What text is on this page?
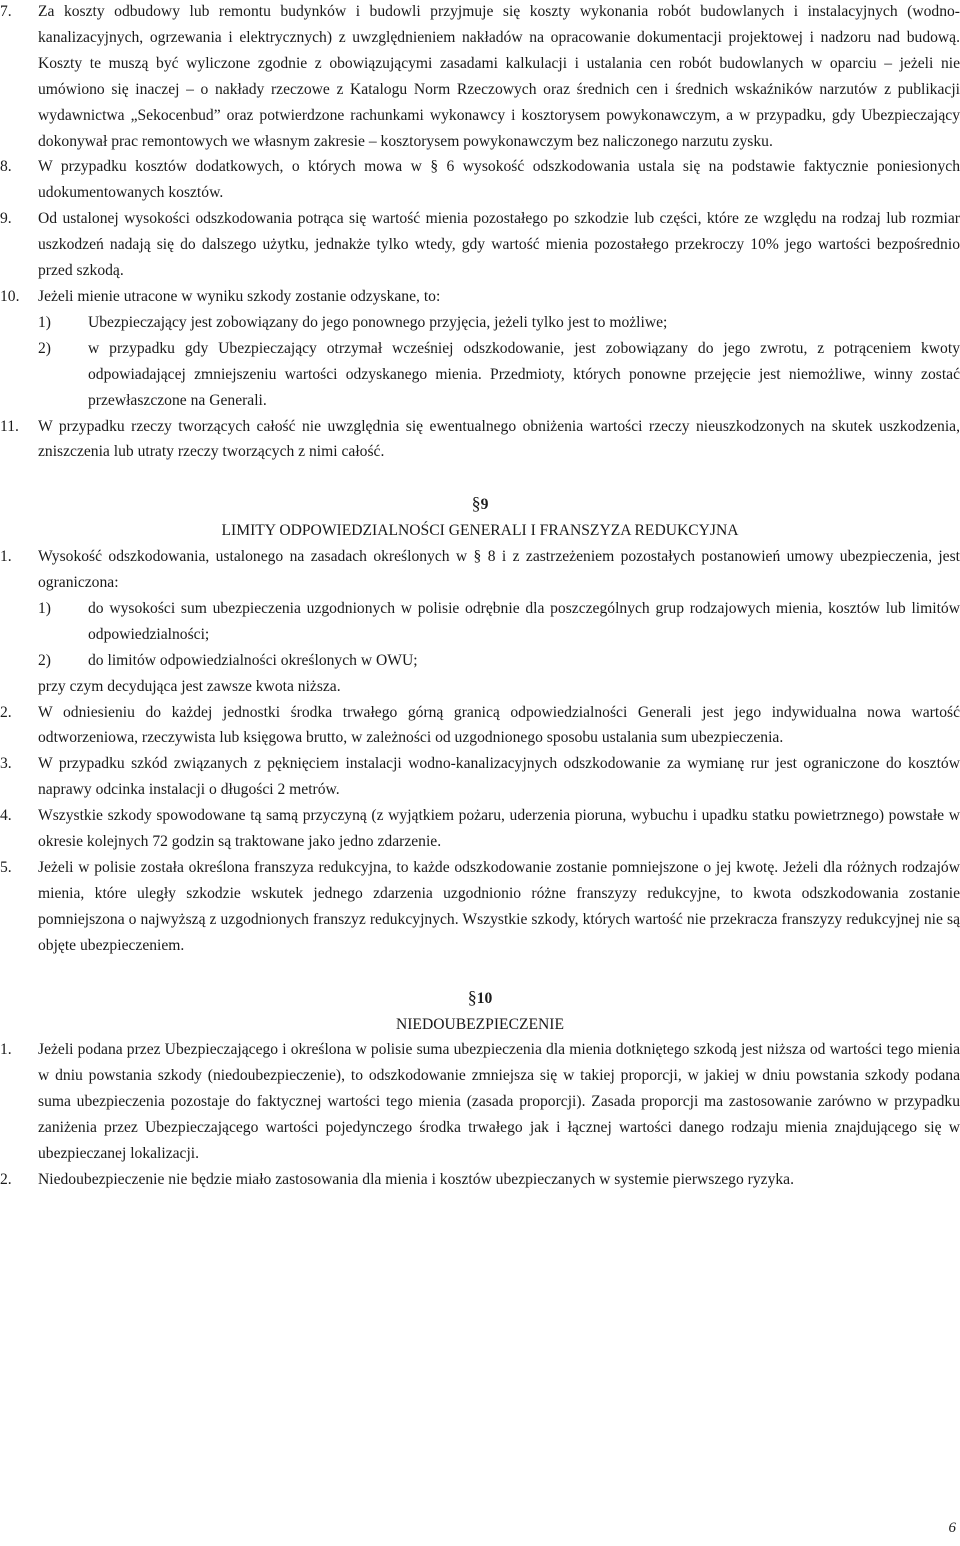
7. Za koszty odbudowy lub remontu budynków i budowli przyjmuje się koszty wykonania robót budowlanych i instalacyjnych (wodno-kanalizacyjnych, ogrzewania i elektrycznych) z uwzględnieniem nakładów na opracowanie dokumentacji projektowej i nadzoru nad budową. Koszty te muszą być wyliczone zgodnie z obowiązującymi zasadami kalkulacji i ustalania cen robót budowlanych w oparciu – jeżeli nie umówiono się inaczej – o nakłady rzeczowe z Katalogu Norm Rzeczowych oraz średnich cen i średnich wskaźników narzutów z publikacji wydawnictwa „Sekocenbud” oraz potwierdzone rachunkami wykonawcy i kosztorysem powykonawczym, a w przypadku, gdy Ubezpieczający dokonywał prac remontowych we własnym zakresie – kosztorysem powykonawczym bez naliczonego narzutu zysku.
8. W przypadku kosztów dodatkowych, o których mowa w § 6 wysokość odszkodowania ustala się na podstawie faktycznie poniesionych udokumentowanych kosztów.
9. Od ustalonej wysokości odszkodowania potrąca się wartość mienia pozostałego po szkodzie lub części, które ze względu na rodzaj lub rozmiar uszkodzeń nadają się do dalszego użytku, jednakże tylko wtedy, gdy wartość mienia pozostałego przekroczy 10% jego wartości bezpośrednio przed szkodą.
10. Jeżeli mienie utracone w wyniku szkody zostanie odzyskane, to:
1) Ubezpieczający jest zobowiązany do jego ponownego przyjęcia, jeżeli tylko jest to możliwe;
2) w przypadku gdy Ubezpieczający otrzymał wcześniej odszkodowanie, jest zobowiązany do jego zwrotu, z potrąceniem kwoty odpowiadającej zmniejszeniu wartości odzyskanego mienia. Przedmioty, których ponowne przejęcie jest niemożliwe, winny zostać przewłaszczone na Generali.
11. W przypadku rzeczy tworzących całość nie uwzględnia się ewentualnego obniżenia wartości rzeczy nieuszkodzonych na skutek uszkodzenia, zniszczenia lub utraty rzeczy tworzących z nimi całość.
§9
LIMITY ODPOWIEDZIALNOŚCI GENERALI I FRANSZYZA REDUKCYJNA
1. Wysokość odszkodowania, ustalonego na zasadach określonych w § 8 i z zastrzeżeniem pozostałych postanowień umowy ubezpieczenia, jest ograniczona:
1) do wysokości sum ubezpieczenia uzgodnionych w polisie odrębnie dla poszczególnych grup rodzajowych mienia, kosztów lub limitów odpowiedzialności;
2) do limitów odpowiedzialności określonych w OWU;
przy czym decydująca jest zawsze kwota niższa.
2. W odniesieniu do każdej jednostki środka trwałego górną granicą odpowiedzialności Generali jest jego indywidualna nowa wartość odtworzeniowa, rzeczywista lub księgowa brutto, w zależności od uzgodnionego sposobu ustalania sum ubezpieczenia.
3. W przypadku szkód związanych z pęknięciem instalacji wodno-kanalizacyjnych odszkodowanie za wymianę rur jest ograniczone do kosztów naprawy odcinka instalacji o długości 2 metrów.
4. Wszystkie szkody spowodowane tą samą przyczyną (z wyjątkiem pożaru, uderzenia pioruna, wybuchu i upadku statku powietrznego) powstałe w okresie kolejnych 72 godzin są traktowane jako jedno zdarzenie.
5. Jeżeli w polisie została określona franszyza redukcyjna, to każde odszkodowanie zostanie pomniejszone o jej kwotę. Jeżeli dla różnych rodzajów mienia, które uległy szkodzie wskutek jednego zdarzenia uzgodnionio różne franszyzy redukcyjne, to kwota odszkodowania zostanie pomniejszona o najwyższą z uzgodnionych franszyz redukcyjnych. Wszystkie szkody, których wartość nie przekracza franszyzy redukcyjnej nie są objęte ubezpieczeniem.
§10
NIEDOUBEZPIECZENIE
1. Jeżeli podana przez Ubezpieczającego i określona w polisie suma ubezpieczenia dla mienia dotkniętego szkodą jest niższa od wartości tego mienia w dniu powstania szkody (niedoubezpieczenie), to odszkodowanie zmniejsza się w takiej proporcji, w jakiej w dniu powstania szkody podana suma ubezpieczenia pozostaje do faktycznej wartości tego mienia (zasada proporcji). Zasada proporcji ma zastosowanie zarówno w przypadku zaniżenia przez Ubezpieczającego wartości pojedynczego środka trwałego jak i łącznej wartości danego rodzaju mienia znajdującego się w ubezpieczanej lokalizacji.
2. Niedoubezpieczenie nie będzie miało zastosowania dla mienia i kosztów ubezpieczanych w systemie pierwszego ryzyka.
6
